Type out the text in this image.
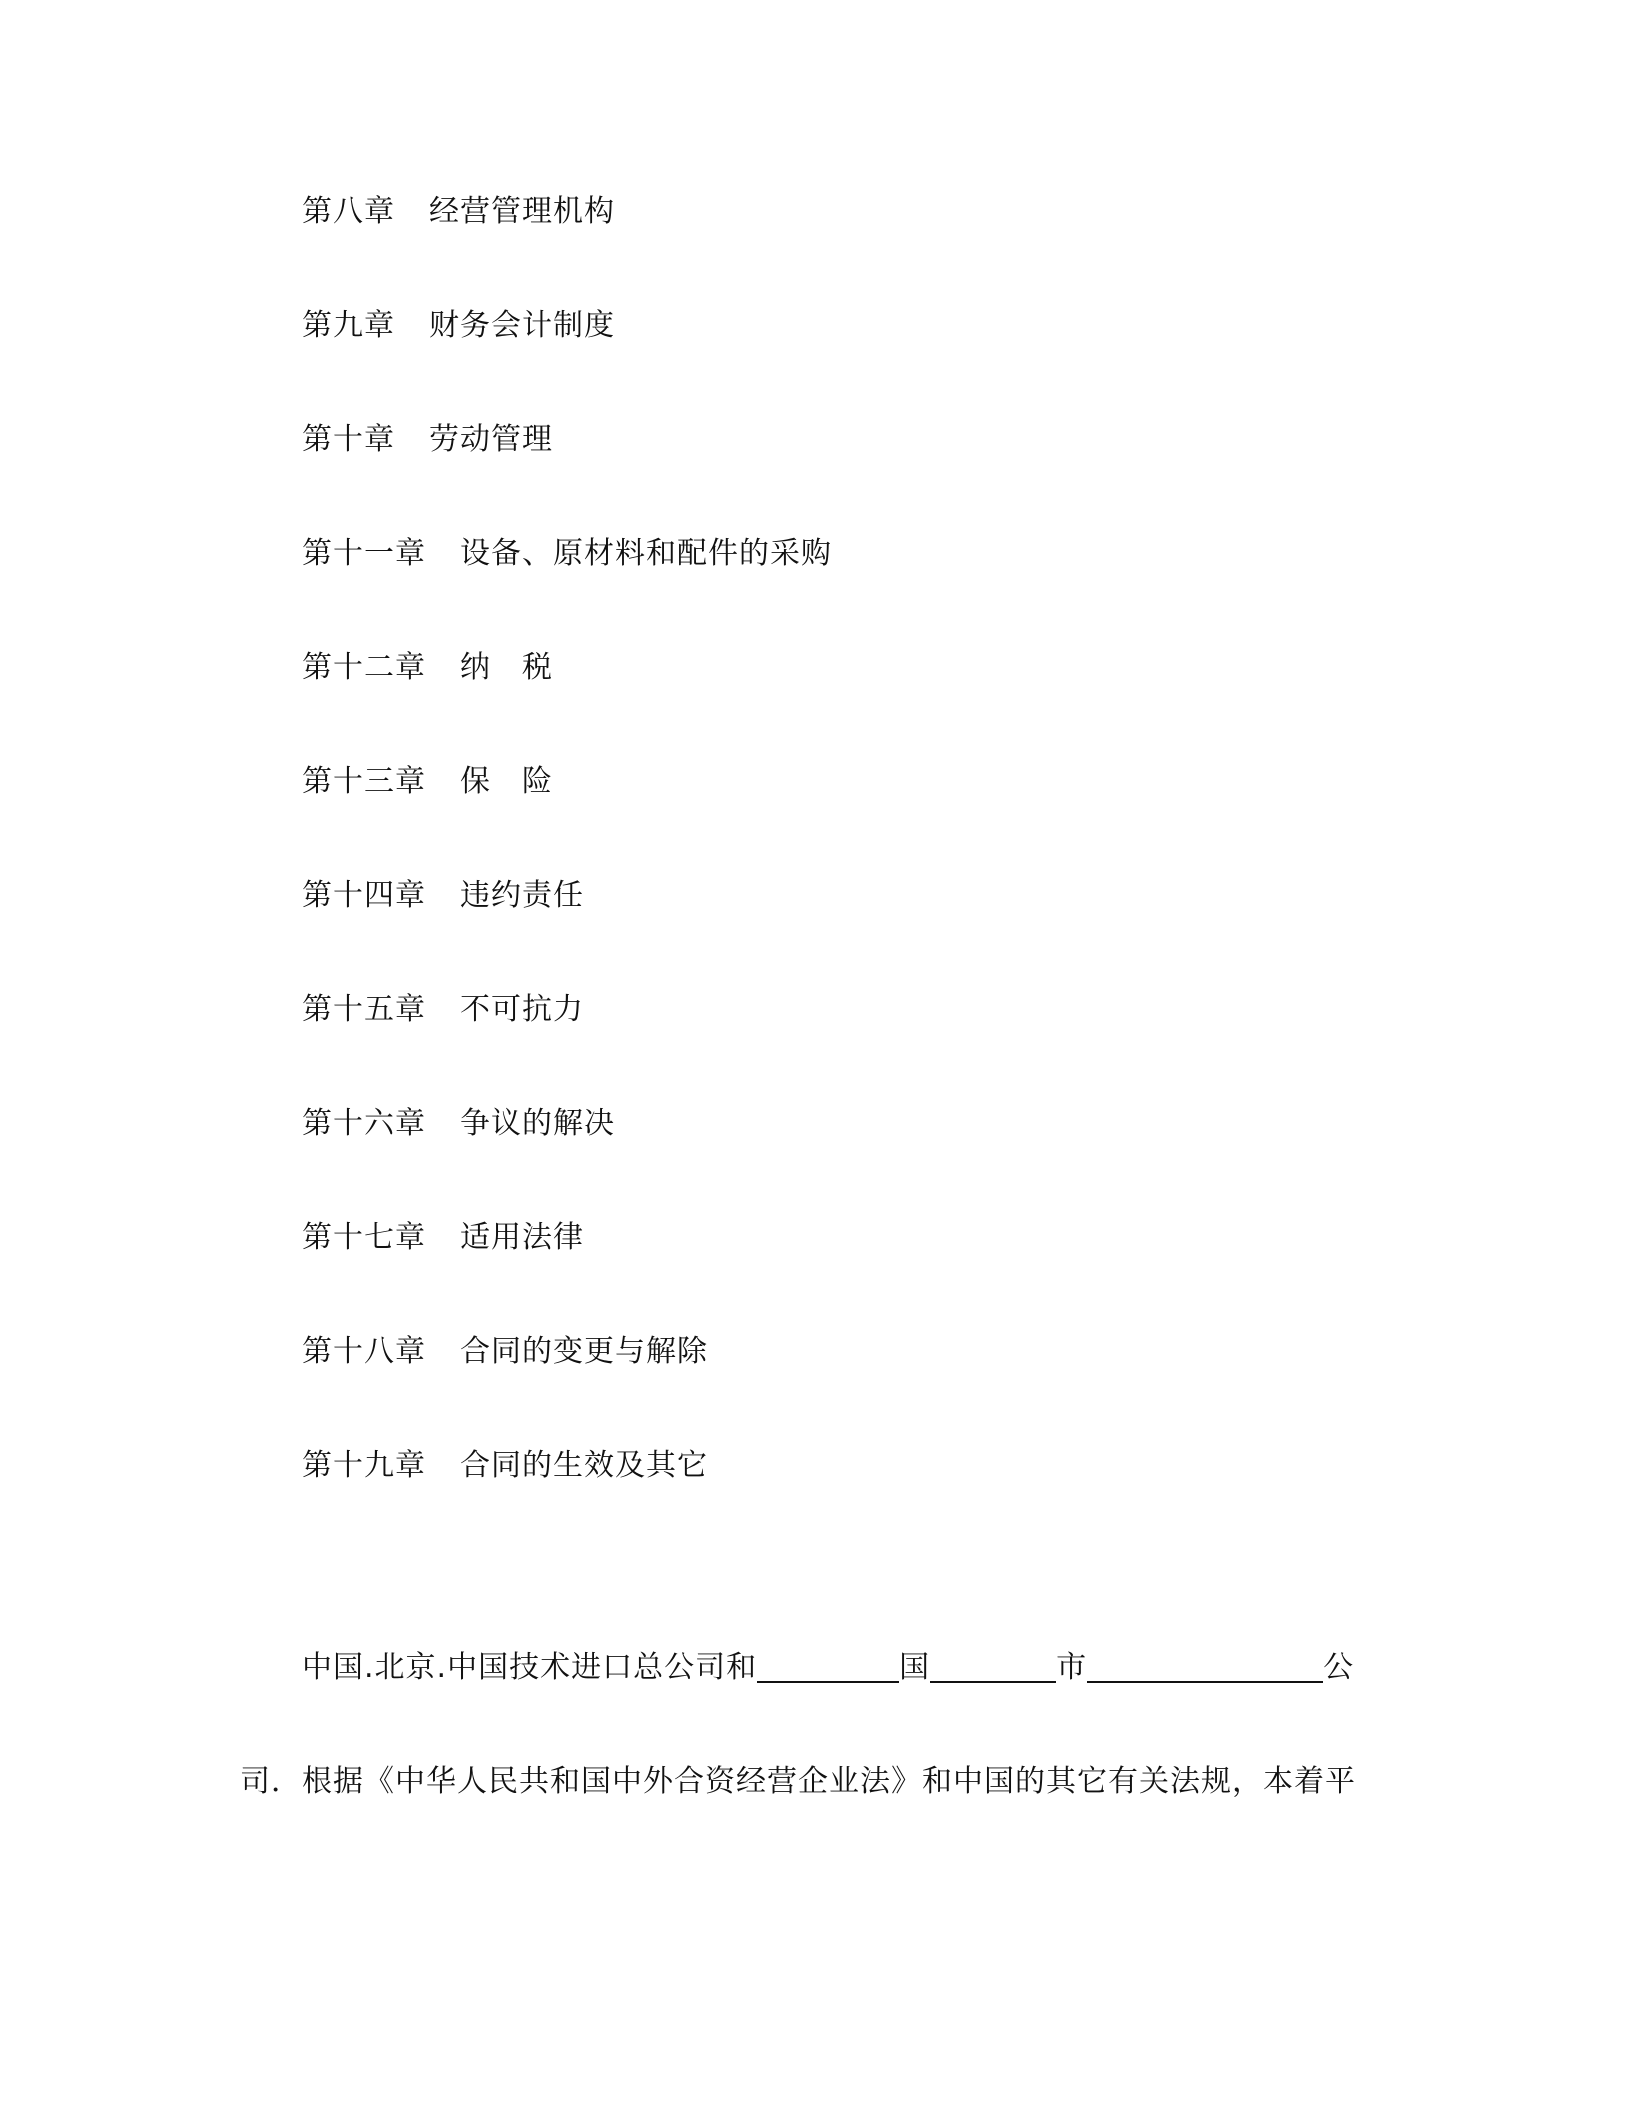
第八章 经营管理机构
第九章 财务会计制度
第十章 劳动管理
第十一章 设备、原材料和配件的采购
第十二章 纳　税
第十三章 保　险
第十四章 违约责任
第十五章 不可抗力
第十六章 争议的解决
第十七章 适用法律
第十八章 合同的变更与解除
第十九章 合同的生效及其它
中国.北京.中国技术进口总公司和	国	市	公
司．根据《中华人民共和国中外合资经营企业法》和中国的其它有关法规，本着平
